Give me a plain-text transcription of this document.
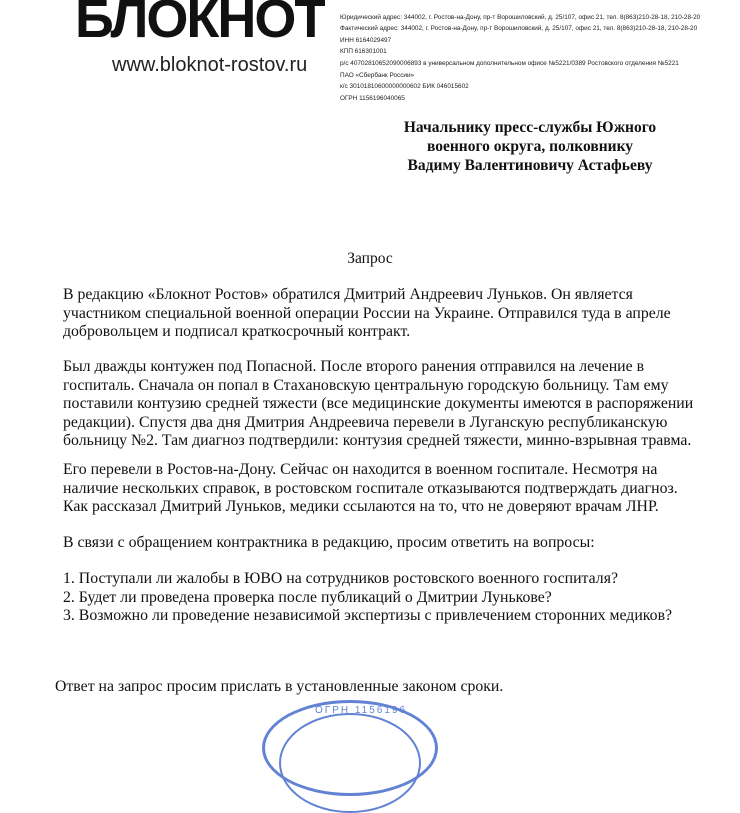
БЛОКНОТ
www.bloknot-rostov.ru

Юридический адрес: 344002, г. Ростов-на-Дону, пр-т Ворошиловский, д. 25/107, офис 21, тел. 8(863)210-28-18, 210-28-20
Фактический адрес: 344002, г. Ростов-на-Дону, пр-т Ворошиловский, д. 25/107, офис 21, тел. 8(863)210-28-18, 210-28-20
ИНН 6164029497
КПП 616301001
р/с 40702810652090006893 в универсальном дополнительном офисе №5221/0389 Ростовского отделения №5221
ПАО «Сбербанк России»
к/с 30101810600000000602 БИК 046015602
ОГРН 1156196040065
Начальнику пресс-службы Южного
военного округа, полковнику
Вадиму Валентиновичу Астафьеву
Запрос
В редакцию «Блокнот Ростов» обратился Дмитрий Андреевич Луньков. Он является
участником специальной военной операции России на Украине. Отправился туда в апреле
добровольцем и подписал краткосрочный контракт.
Был дважды контужен под Попасной. После второго ранения отправился на лечение в
госпиталь. Сначала он попал в Стахановскую центральную городскую больницу. Там ему
поставили контузию средней тяжести (все медицинские документы имеются в распоряжении
редакции). Спустя два дня Дмитрия Андреевича перевели в Луганскую республиканскую
больницу №2. Там диагноз подтвердили: контузия средней тяжести, минно-взрывная травма.
Его перевели в Ростов-на-Дону. Сейчас он находится в военном госпитале. Несмотря на
наличие нескольких справок, в ростовском госпитале отказываются подтверждать диагноз.
Как рассказал Дмитрий Луньков, медики ссылаются на то, что не доверяют врачам ЛНР.
В связи с обращением контрактника в редакцию, просим ответить на вопросы:
1. Поступали ли жалобы в ЮВО на сотрудников ростовского военного госпиталя?
2. Будет ли проведена проверка после публикаций о Дмитрии Лунькове?
3. Возможно ли проведение независимой экспертизы с привлечением сторонних медиков?
Ответ на запрос просим прислать в установленные законом сроки.
ОГРН 1156196
